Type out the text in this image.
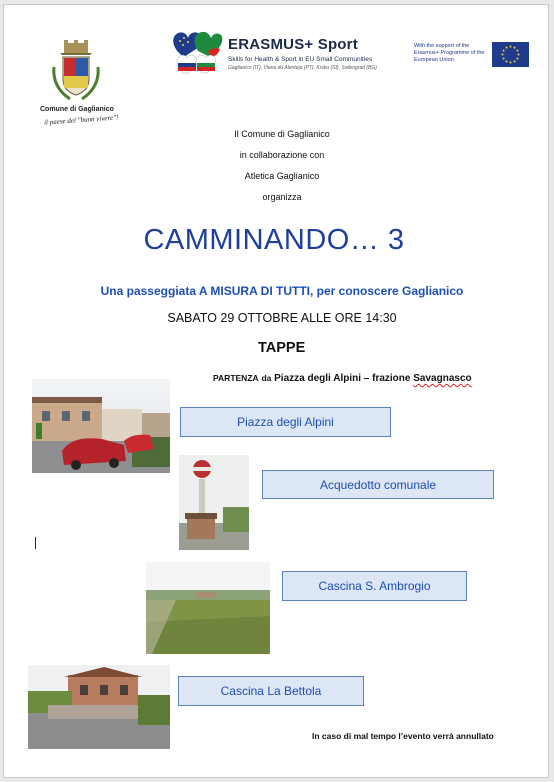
Comune di Gaglianico
il paese del "buon vivere"!
ERASMUS+ Sport
Skills for Health & Sport in EU Small Communities
Gaglianico (IT), Viana do Alentejo (PT), Krsko (SI), Svilengrad (BG)
With the support of the Erasmus+ Programme of the European Union
Il Comune di Gaglianico
in collaborazione con
Atletica Gaglianico
organizza
CAMMINANDO… 3
Una passeggiata A MISURA DI TUTTI, per conoscere Gaglianico
SABATO 29 OTTOBRE ALLE ORE 14:30
TAPPE
PARTENZA da Piazza degli Alpini – frazione Savagnasco
Piazza degli Alpini
Acquedotto comunale
Cascina S. Ambrogio
Cascina La Bettola
In caso di mal tempo l’evento verrà annullato
